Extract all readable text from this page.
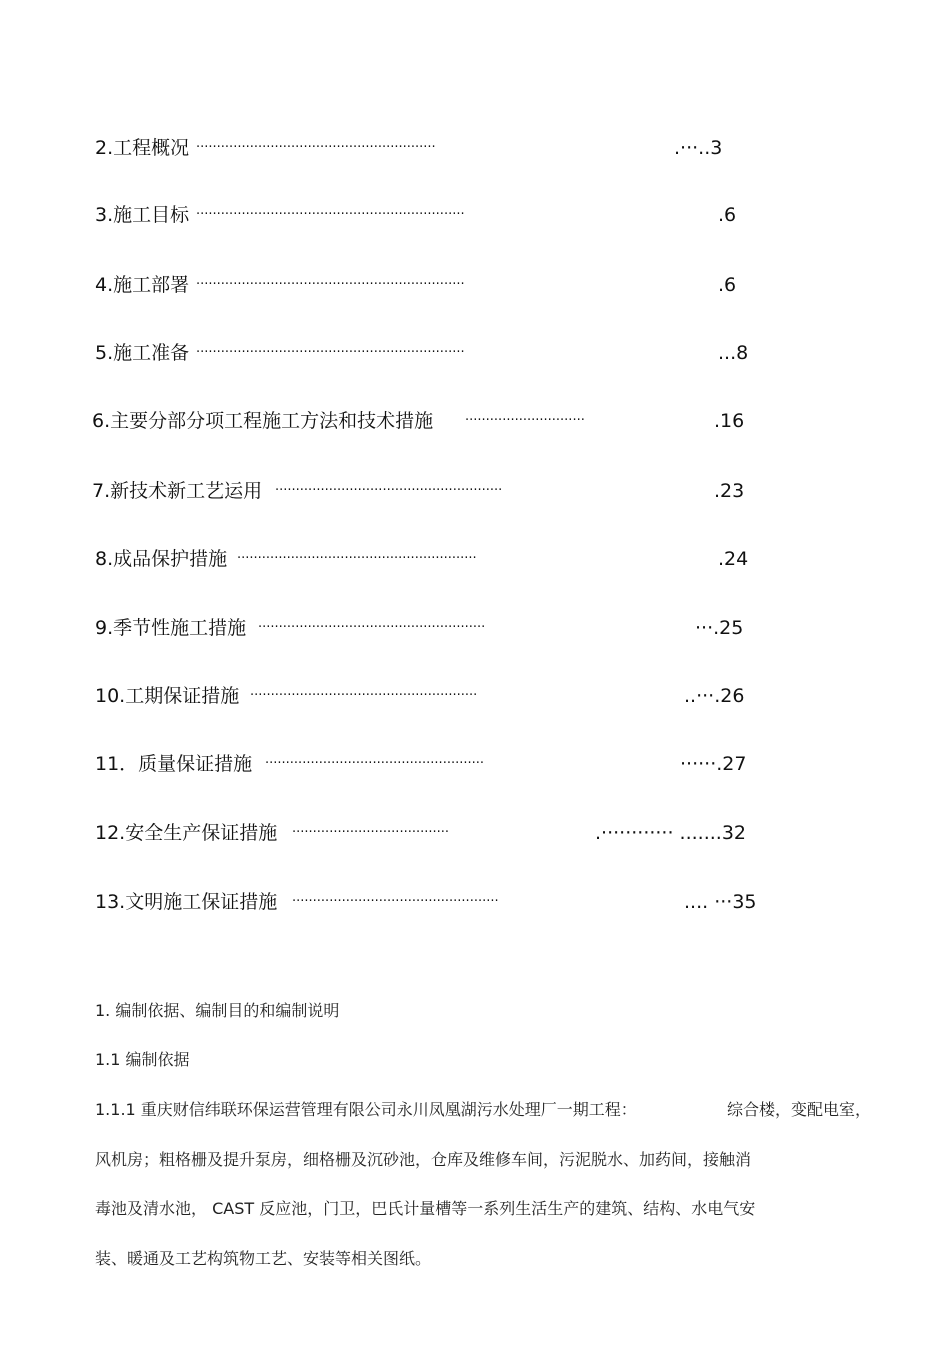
2.工程概况 ··························································	.···..3
3.施工目标 ·································································	.6
4.施工部署 ·································································	.6
5.施工准备 ·································································	...8
6.主要分部分项工程施工方法和技术措施 ·····························	.16
7.新技术新工艺运用 ·······················································	.23
8.成品保护措施 ··························································	.24
9.季节性施工措施 ·······················································	···.25
10.工期保证措施 ·······················································	..···.26
11．质量保证措施 ·····················································	······.27
12.安全生产保证措施 ······································	.············ .......32
13.文明施工保证措施 ··················································	.... ···35
1. 编制依据、编制目的和编制说明
1.1 编制依据
1.1.1 重庆财信纬联环保运营管理有限公司永川凤凰湖污水处理厂一期工程：	综合楼，变配电室，
风机房；粗格栅及提升泵房，细格栅及沉砂池，仓库及维修车间，污泥脱水、加药间，接触消
毒池及清水池， CAST 反应池，门卫，巴氏计量槽等一系列生活生产的建筑、结构、水电气安
装、暖通及工艺构筑物工艺、安装等相关图纸。
